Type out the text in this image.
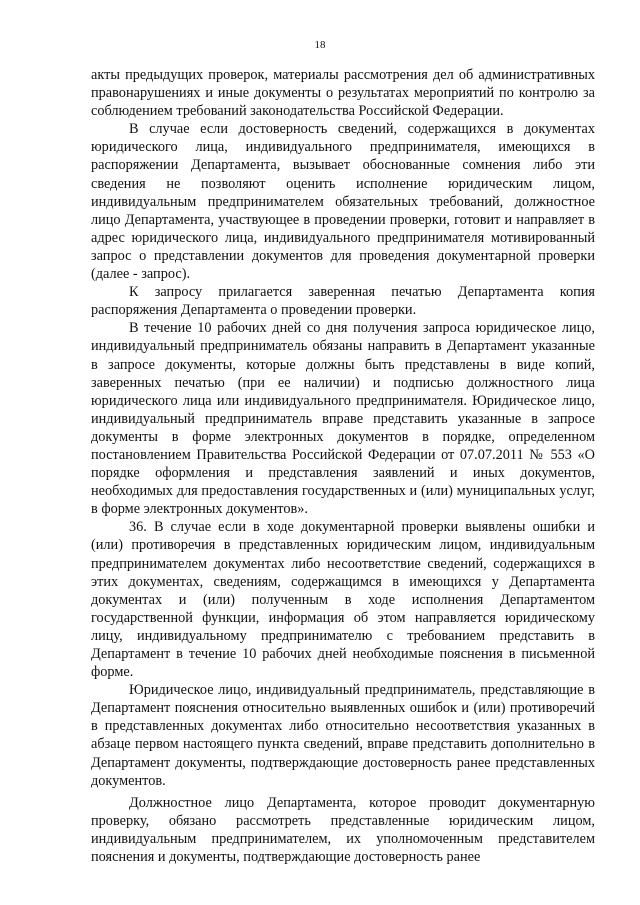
18

акты предыдущих проверок, материалы рассмотрения дел об административных правонарушениях и иные документы о результатах мероприятий по контролю за соблюдением требований законодательства Российской Федерации.

В случае если достоверность сведений, содержащихся в документах юридического лица, индивидуального предпринимателя, имеющихся в распоряжении Департамента, вызывает обоснованные сомнения либо эти сведения не позволяют оценить исполнение юридическим лицом, индивидуальным предпринимателем обязательных требований, должностное лицо Департамента, участвующее в проведении проверки, готовит и направляет в адрес юридического лица, индивидуального предпринимателя мотивированный запрос о представлении документов для проведения документарной проверки (далее - запрос).

К запросу прилагается заверенная печатью Департамента копия распоряжения Департамента о проведении проверки.

В течение 10 рабочих дней со дня получения запроса юридическое лицо, индивидуальный предприниматель обязаны направить в Департамент указанные в запросе документы, которые должны быть представлены в виде копий, заверенных печатью (при ее наличии) и подписью должностного лица юридического лица или индивидуального предпринимателя. Юридическое лицо, индивидуальный предприниматель вправе представить указанные в запросе документы в форме электронных документов в порядке, определенном постановлением Правительства Российской Федерации от 07.07.2011 № 553 «О порядке оформления и представления заявлений и иных документов, необходимых для предоставления государственных и (или) муниципальных услуг, в форме электронных документов».

36. В случае если в ходе документарной проверки выявлены ошибки и (или) противоречия в представленных юридическим лицом, индивидуальным предпринимателем документах либо несоответствие сведений, содержащихся в этих документах, сведениям, содержащимся в имеющихся у Департамента документах и (или) полученным в ходе исполнения Департаментом государственной функции, информация об этом направляется юридическому лицу, индивидуальному предпринимателю с требованием представить в Департамент в течение 10 рабочих дней необходимые пояснения в письменной форме.

Юридическое лицо, индивидуальный предприниматель, представляющие в Департамент пояснения относительно выявленных ошибок и (или) противоречий в представленных документах либо относительно несоответствия указанных в абзаце первом настоящего пункта сведений, вправе представить дополнительно в Департамент документы, подтверждающие достоверность ранее представленных документов.

Должностное лицо Департамента, которое проводит документарную проверку, обязано рассмотреть представленные юридическим лицом, индивидуальным предпринимателем, их уполномоченным представителем пояснения и документы, подтверждающие достоверность ранее
